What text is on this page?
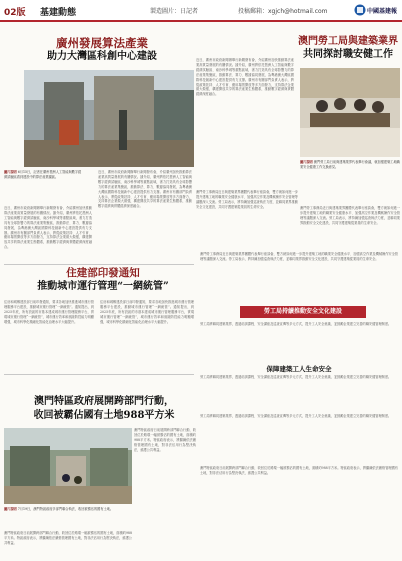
02版 基建動態	製造圖片：日記者	投稿郵箱：xgjch@hotmail.com	中國基建報
廣州發展算法產業
助力大灣區科創中心建設
圖片說明 6月15日，記者在廣州琶洲人工智能與數字經濟試驗區看到建設中的算法產業園區。
近日，廣州市政府新聞辦舉行新聞發布會，介紹廣州加快推動算法產業高質量發展的有關情況。據介紹，廣州將依托琶洲人工智能與數字經濟試驗區、南沙科學城等重點區域，著力打造具有全球影響力的算法產業集聚區，推動算法、算力、數據協同發展，為粵港澳大灣區國際科技創新中心建設提供有力支撐。廣州市有關部門負責人表示，將從政策扶持、人才引育、應用場景開放等多方面發力，支持算法企業做大做強，構建開放共享的算法產業生態體系，推動數字經濟與實體經濟深度融合。
近日，廣州市政府新聞辦舉行新聞發布會，介紹廣州加快推動算法產業高質量發展的有關情況。據介紹，廣州將依托琶洲人工智能與數字經濟試驗區、南沙科學城等重點區域，著力打造具有全球影響力的算法產業集聚區，推動算法、算力、數據協同發展，為粵港澳大灣區國際科技創新中心建設提供有力支撐。廣州市有關部門負責人表示，將從政策扶持、人才引育、應用場景開放等多方面發力，支持算法企業做大做強，構建開放共享的算法產業生態體系，推動數字經濟與實體經濟深度融合。
近日，廣州市政府新聞辦舉行新聞發布會，介紹廣州加快推動算法產業高質量發展的有關情況。據介紹，廣州將依托琶洲人工智能與數字經濟試驗區、南沙科學城等重點區域，著力打造具有全球影響力的算法產業集聚區，推動算法、算力、數據協同發展，為粵港澳大灣區國際科技創新中心建設提供有力支撐。廣州市有關部門負責人表示，將從政策扶持、人才引育、應用場景開放等多方面發力，支持算法企業做大做強，構建開放共享的算法產業生態體系，推動數字經濟與實體經濟深度融合。
澳門勞工局與建築業界
共同探討職安健工作
澳門勞工事務局近日與建築業界團體代表舉行座談會，雙方就如何進一步提升建築工地的職業安全健康水平、加強高空作業及機械操作安全管理等議題深入交流。勞工局表示，將持續加強巡查執法力度，並聯同業界推動安全文化建設，共同守護建築從業員的生命安全。
圖片說明 澳門勞工局日前與建築業界代表舉行會議，就加強建築工地職業安全健康工作交換意見。
澳門勞工事務局近日與建築業界團體代表舉行座談會，雙方就如何進一步提升建築工地的職業安全健康水平、加強高空作業及機械操作安全管理等議題深入交流。勞工局表示，將持續加強巡查執法力度，並聯同業界推動安全文化建設，共同守護建築從業員的生命安全。
住建部印發通知
推動城市運行管理“一網統管”
住房和城鄉建設部日前印發通知，要求各地加快推進城市運行管理服務平台建設，推動城市運行管理“一網統管”。通知提出，到2025年底，所有設區的市基本建成城市運行管理服務平台，實現城市運行管理“一網統管”，城市運行效率和風險防控能力明顯增強，城市科學化精細化智能化治理水平大幅提升。
住房和城鄉建設部日前印發通知，要求各地加快推進城市運行管理服務平台建設，推動城市運行管理“一網統管”。通知提出，到2025年底，所有設區的市基本建成城市運行管理服務平台，實現城市運行管理“一網統管”，城市運行效率和風險防控能力明顯增強，城市科學化精細化智能化治理水平大幅提升。
澳門勞工事務局近日與建築業界團體代表舉行座談會，雙方就如何進一步提升建築工地的職業安全健康水平、加強高空作業及機械操作安全管理等議題深入交流。勞工局表示，將持續加強巡查執法力度，並聯同業界推動安全文化建設，共同守護建築從業員的生命安全。
勞工局持續推動安全文化建設
勞工局將聯同建築業界，透過培訓課程、安全講座及巡查宣傳等多元方式，提升工人安全意識，並鼓勵企業建立完善的職安健管理制度。
保障建築工人生命安全
勞工局將聯同建築業界，透過培訓課程、安全講座及巡查宣傳等多元方式，提升工人安全意識，並鼓勵企業建立完善的職安健管理制度。
澳門特區政府展開跨部門行動，
收回被霸佔國有土地988平方米
澳門特區政府日前展開跨部門聯合行動，收回位於路環一幅被霸佔的國有土地，面積約988平方米。特區政府表示，將繼續依法嚴格管理國有土地，對非法佔用行為堅決執法，維護公共利益。
圖片說明 7月19日，澳門特區政府多部門聯合執法，收回被霸佔的國有土地。
澳門特區政府日前展開跨部門聯合行動，收回位於路環一幅被霸佔的國有土地，面積約988平方米。特區政府表示，將繼續依法嚴格管理國有土地，對非法佔用行為堅決執法，維護公共利益。
勞工局將聯同建築業界，透過培訓課程、安全講座及巡查宣傳等多元方式，提升工人安全意識，並鼓勵企業建立完善的職安健管理制度。
澳門特區政府日前展開跨部門聯合行動，收回位於路環一幅被霸佔的國有土地，面積約988平方米。特區政府表示，將繼續依法嚴格管理國有土地，對非法佔用行為堅決執法，維護公共利益。
